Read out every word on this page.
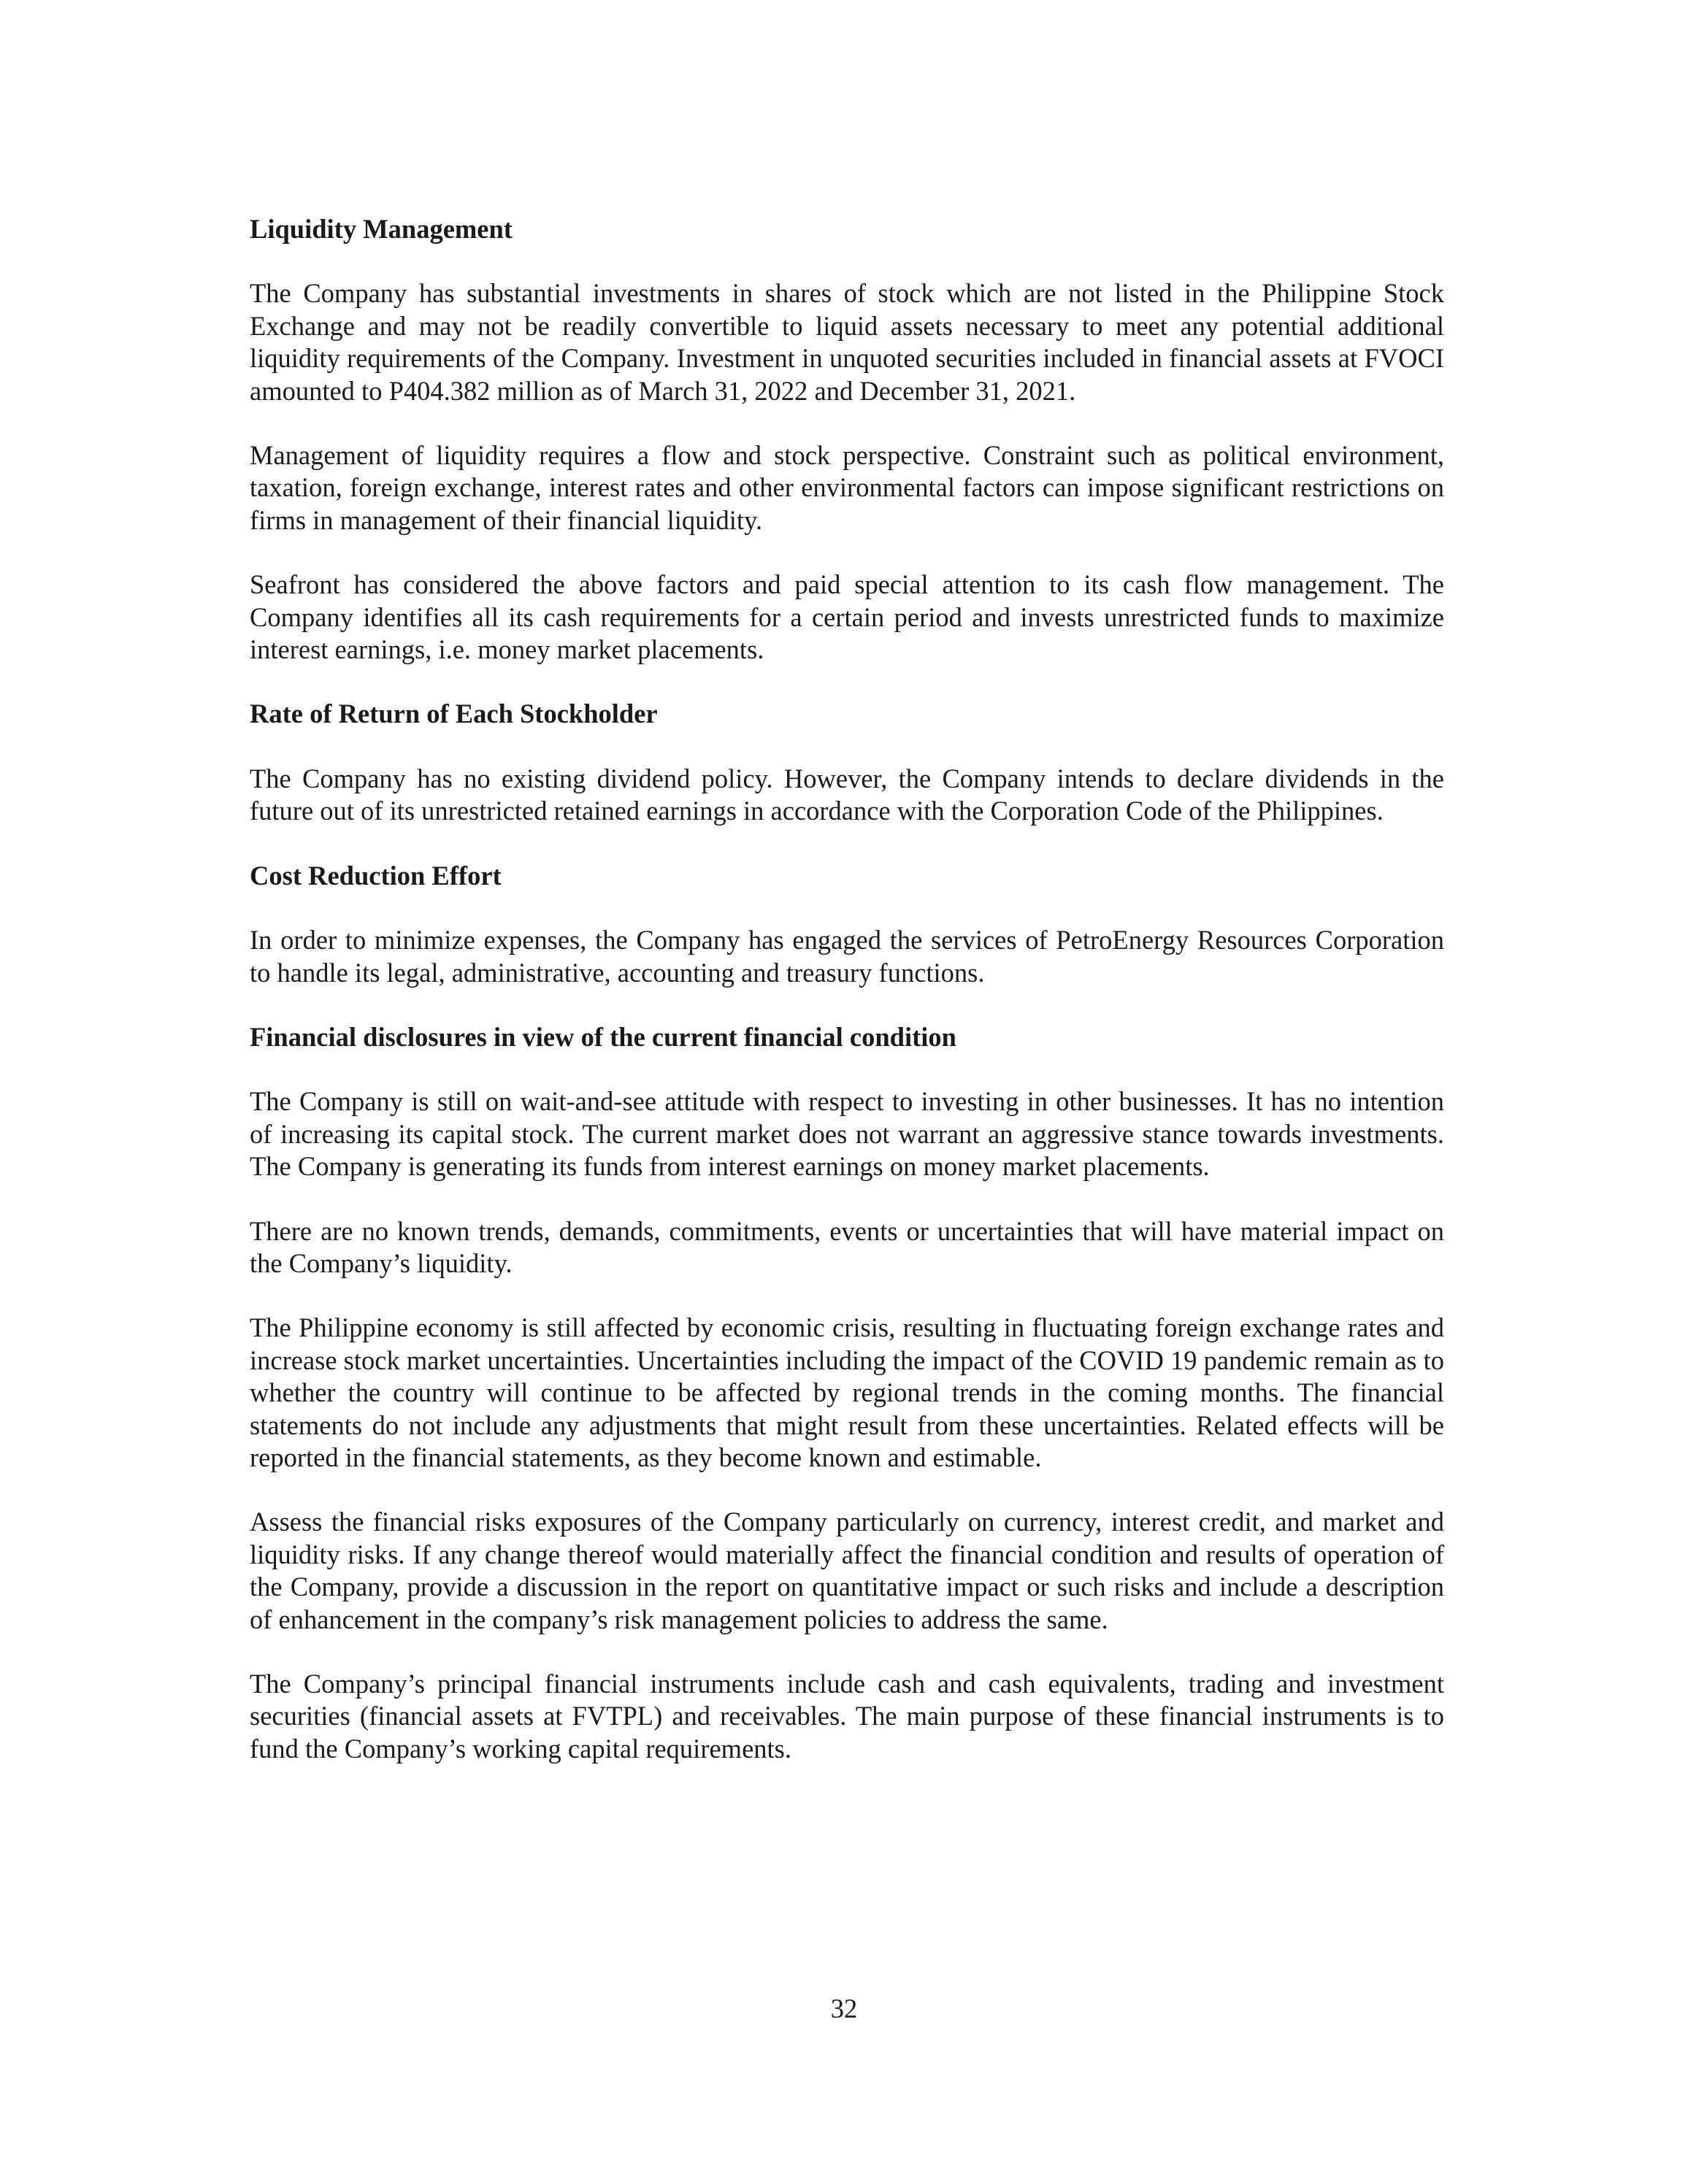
Liquidity Management

The Company has substantial investments in shares of stock which are not listed in the Philippine Stock Exchange and may not be readily convertible to liquid assets necessary to meet any potential additional liquidity requirements of the Company. Investment in unquoted securities included in financial assets at FVOCI amounted to P404.382 million as of March 31, 2022 and December 31, 2021.

Management of liquidity requires a flow and stock perspective. Constraint such as political environment, taxation, foreign exchange, interest rates and other environmental factors can impose significant restrictions on firms in management of their financial liquidity.

Seafront has considered the above factors and paid special attention to its cash flow management. The Company identifies all its cash requirements for a certain period and invests unrestricted funds to maximize interest earnings, i.e. money market placements.

Rate of Return of Each Stockholder

The Company has no existing dividend policy. However, the Company intends to declare dividends in the future out of its unrestricted retained earnings in accordance with the Corporation Code of the Philippines.

Cost Reduction Effort

In order to minimize expenses, the Company has engaged the services of PetroEnergy Resources Corporation to handle its legal, administrative, accounting and treasury functions.

Financial disclosures in view of the current financial condition

The Company is still on wait-and-see attitude with respect to investing in other businesses. It has no intention of increasing its capital stock. The current market does not warrant an aggressive stance towards investments. The Company is generating its funds from interest earnings on money market placements.

There are no known trends, demands, commitments, events or uncertainties that will have material impact on the Company’s liquidity.

The Philippine economy is still affected by economic crisis, resulting in fluctuating foreign exchange rates and increase stock market uncertainties. Uncertainties including the impact of the COVID 19 pandemic remain as to whether the country will continue to be affected by regional trends in the coming months. The financial statements do not include any adjustments that might result from these uncertainties. Related effects will be reported in the financial statements, as they become known and estimable.

Assess the financial risks exposures of the Company particularly on currency, interest credit, and market and liquidity risks. If any change thereof would materially affect the financial condition and results of operation of the Company, provide a discussion in the report on quantitative impact or such risks and include a description of enhancement in the company’s risk management policies to address the same.

The Company’s principal financial instruments include cash and cash equivalents, trading and investment securities (financial assets at FVTPL) and receivables. The main purpose of these financial instruments is to fund the Company’s working capital requirements.

32
